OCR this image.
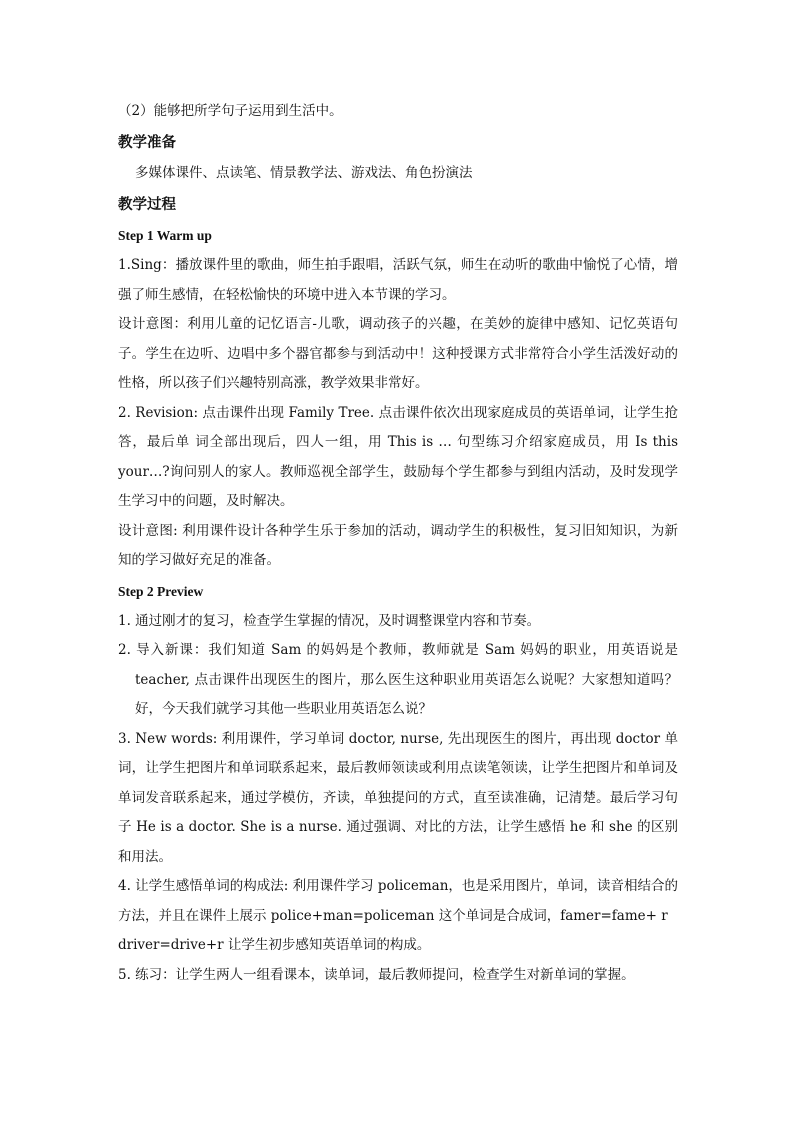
（2）能够把所学句子运用到生活中。

教学准备

多媒体课件、点读笔、情景教学法、游戏法、角色扮演法

教学过程

Step 1 Warm up

1.Sing：播放课件里的歌曲，师生拍手跟唱，活跃气氛，师生在动听的歌曲中愉悦了心情，增强了师生感情，在轻松愉快的环境中进入本节课的学习。

设计意图：利用儿童的记忆语言-儿歌，调动孩子的兴趣，在美妙的旋律中感知、记忆英语句子。学生在边听、边唱中多个器官都参与到活动中！这种授课方式非常符合小学生活泼好动的性格，所以孩子们兴趣特别高涨，教学效果非常好。

2. Revision: 点击课件出现 Family Tree. 点击课件依次出现家庭成员的英语单词，让学生抢答，最后单 词全部出现后，四人一组，用 This is … 句型练习介绍家庭成员，用 Is this your…?询问别人的家人。教师巡视全部学生，鼓励每个学生都参与到组内活动，及时发现学生学习中的问题，及时解决。

设计意图: 利用课件设计各种学生乐于参加的活动，调动学生的积极性，复习旧知知识，为新知的学习做好充足的准备。

Step 2 Preview

1. 通过刚才的复习，检查学生掌握的情况，及时调整课堂内容和节奏。

2. 导入新课：我们知道 Sam 的妈妈是个教师，教师就是 Sam 妈妈的职业，用英语说是 teacher, 点击课件出现医生的图片，那么医生这种职业用英语怎么说呢？大家想知道吗？好，今天我们就学习其他一些职业用英语怎么说？

3. New words: 利用课件，学习单词 doctor, nurse, 先出现医生的图片，再出现 doctor 单词，让学生把图片和单词联系起来，最后教师领读或利用点读笔领读，让学生把图片和单词及单词发音联系起来，通过学模仿，齐读，单独提问的方式，直至读准确，记清楚。最后学习句子 He is a doctor. She is a nurse. 通过强调、对比的方法，让学生感悟 he 和 she 的区别和用法。

4. 让学生感悟单词的构成法: 利用课件学习 policeman，也是采用图片，单词，读音相结合的方法，并且在课件上展示 police+man=policeman 这个单词是合成词，famer=fame+ r

driver=drive+r 让学生初步感知英语单词的构成。

5. 练习：让学生两人一组看课本，读单词，最后教师提问，检查学生对新单词的掌握。
